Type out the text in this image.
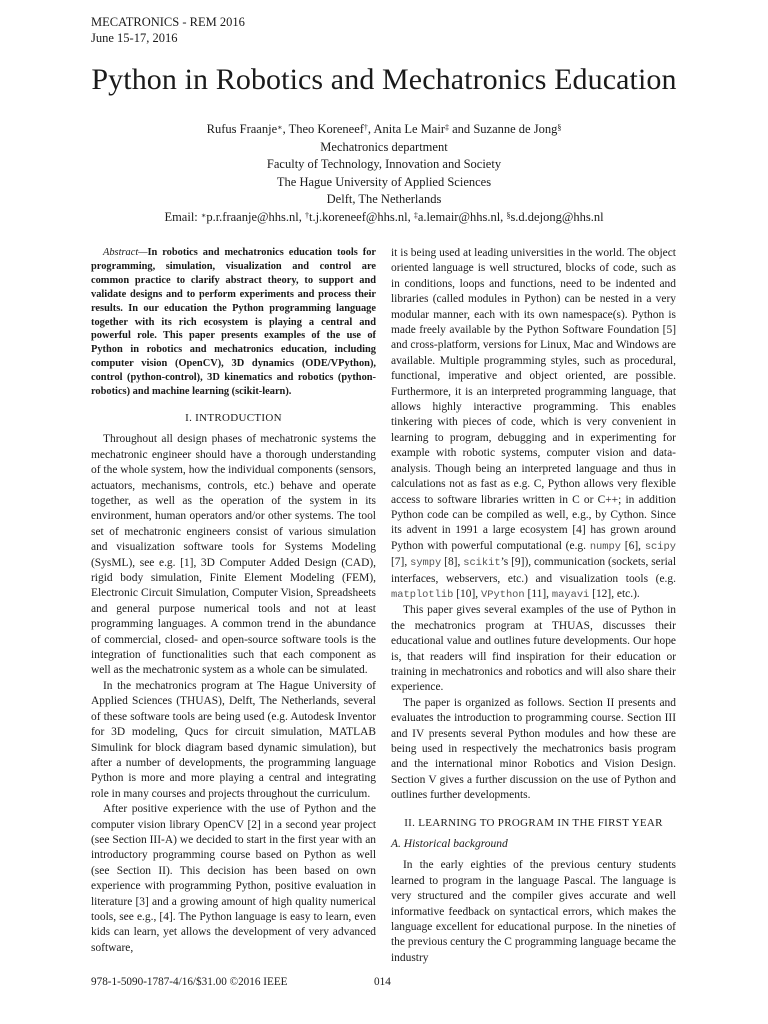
MECATRONICS - REM 2016
June 15-17, 2016
Python in Robotics and Mechatronics Education
Rufus Fraanje∗, Theo Koreneef†, Anita Le Mair‡ and Suzanne de Jong§
Mechatronics department
Faculty of Technology, Innovation and Society
The Hague University of Applied Sciences
Delft, The Netherlands
Email: ∗p.r.fraanje@hhs.nl, †t.j.koreneef@hhs.nl, ‡a.lemair@hhs.nl, §s.d.dejong@hhs.nl

Abstract—In robotics and mechatronics education tools for programming, simulation, visualization and control are common practice to clarify abstract theory, to support and validate designs and to perform experiments and process their results. In our education the Python programming language together with its rich ecosystem is playing a central and powerful role. This paper presents examples of the use of Python in robotics and mechatronics education, including computer vision (OpenCV), 3D dynamics (ODE/VPython), control (python-control), 3D kinematics and robotics (python-robotics) and machine learning (scikit-learn).

I. INTRODUCTION

Throughout all design phases of mechatronic systems the mechatronic engineer should have a thorough understanding of the whole system, how the individual components (sensors, actuators, mechanisms, controls, etc.) behave and operate together, as well as the operation of the system in its environment, human operators and/or other systems. The tool set of mechatronic engineers consist of various simulation and visualization software tools for Systems Modeling (SysML), see e.g. [1], 3D Computer Added Design (CAD), rigid body simulation, Finite Element Modeling (FEM), Electronic Circuit Simulation, Computer Vision, Spreadsheets and general purpose numerical tools and not at least programming languages. A common trend in the abundance of commercial, closed- and open-source software tools is the integration of functionalities such that each component as well as the mechatronic system as a whole can be simulated.

In the mechatronics program at The Hague University of Applied Sciences (THUAS), Delft, The Netherlands, several of these software tools are being used (e.g. Autodesk Inventor for 3D modeling, Qucs for circuit simulation, MATLAB Simulink for block diagram based dynamic simulation), but after a number of developments, the programming language Python is more and more playing a central and integrating role in many courses and projects throughout the curriculum.

After positive experience with the use of Python and the computer vision library OpenCV [2] in a second year project (see Section III-A) we decided to start in the first year with an introductory programming course based on Python as well (see Section II). This decision has been based on own experience with programming Python, positive evaluation in literature [3] and a growing amount of high quality numerical tools, see e.g., [4]. The Python language is easy to learn, even kids can learn, yet allows the development of very advanced software,

it is being used at leading universities in the world. The object oriented language is well structured, blocks of code, such as in conditions, loops and functions, need to be indented and libraries (called modules in Python) can be nested in a very modular manner, each with its own namespace(s). Python is made freely available by the Python Software Foundation [5] and cross-platform, versions for Linux, Mac and Windows are available. Multiple programming styles, such as procedural, functional, imperative and object oriented, are possible. Furthermore, it is an interpreted programming language, that allows highly interactive programming. This enables tinkering with pieces of code, which is very convenient in learning to program, debugging and in experimenting for example with robotic systems, computer vision and data-analysis. Though being an interpreted language and thus in calculations not as fast as e.g. C, Python allows very flexible access to software libraries written in C or C++; in addition Python code can be compiled as well, e.g., by Cython. Since its advent in 1991 a large ecosystem [4] has grown around Python with powerful computational (e.g. numpy [6], scipy [7], sympy [8], scikit’s [9]), communication (sockets, serial interfaces, webservers, etc.) and visualization tools (e.g. matplotlib [10], VPython [11], mayavi [12], etc.).

This paper gives several examples of the use of Python in the mechatronics program at THUAS, discusses their educational value and outlines future developments. Our hope is, that readers will find inspiration for their education or training in mechatronics and robotics and will also share their experience.

The paper is organized as follows. Section II presents and evaluates the introduction to programming course. Section III and IV presents several Python modules and how these are being used in respectively the mechatronics basis program and the international minor Robotics and Vision Design. Section V gives a further discussion on the use of Python and outlines further developments.

II. LEARNING TO PROGRAM IN THE FIRST YEAR
A. Historical background

In the early eighties of the previous century students learned to program in the language Pascal. The language is very structured and the compiler gives accurate and well informative feedback on syntactical errors, which makes the language excellent for educational purpose. In the nineties of the previous century the C programming language became the industry

978-1-5090-1787-4/16/$31.00 ©2016 IEEE	014
